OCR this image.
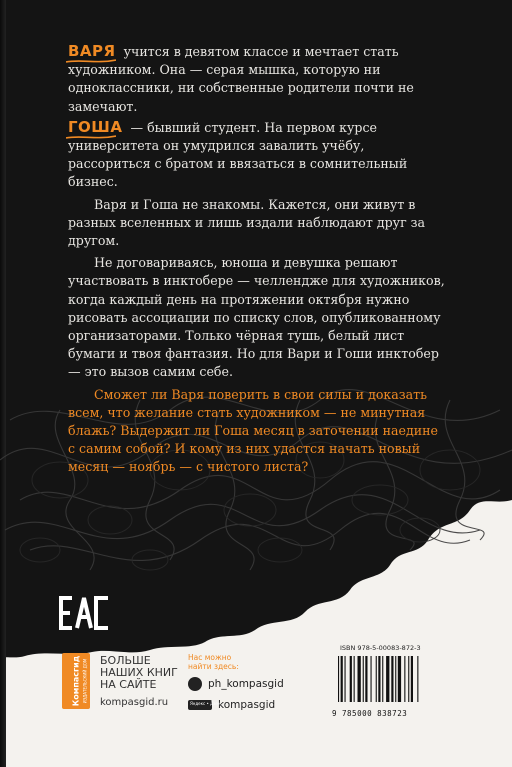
ВАРЯ учится в девятом классе и мечтает стать художником. Она — серая мышка, которую ни одноклассники, ни собственные родители почти не замечают.

ГОША — бывший студент. На первом курсе университета он умудрился завалить учёбу, рассориться с братом и ввязаться в сомнительный бизнес.

Варя и Гоша не знакомы. Кажется, они живут в разных вселенных и лишь издали наблюдают друг за другом.

Не договариваясь, юноша и девушка решают участвовать в инктобере — челлендже для художников, когда каждый день на протяжении октября нужно рисовать ассоциации по списку слов, опубликованному организаторами. Только чёрная тушь, белый лист бумаги и твоя фантазия. Но для Вари и Гоши инктобер — это вызов самим себе.

Сможет ли Варя поверить в свои силы и доказать всем, что желание стать художником — не минутная блажь? Выдержит ли Гоша месяц в заточении наедине с самим собой? И кому из них удастся начать новый месяц — ноябрь — с чистого листа?

Компасгид ИЗДАТЕЛЬСКИЙ ДОМ БОЛЬШЕ
НАШИХ КНИГ
НА САЙТЕ
kompasgid.ru
Нас можно
найти здесь:
ph_kompasgid
Яндекс • Дзен
kompasgid
ISBN 978-5-00083-872-3
9 785000 838723
